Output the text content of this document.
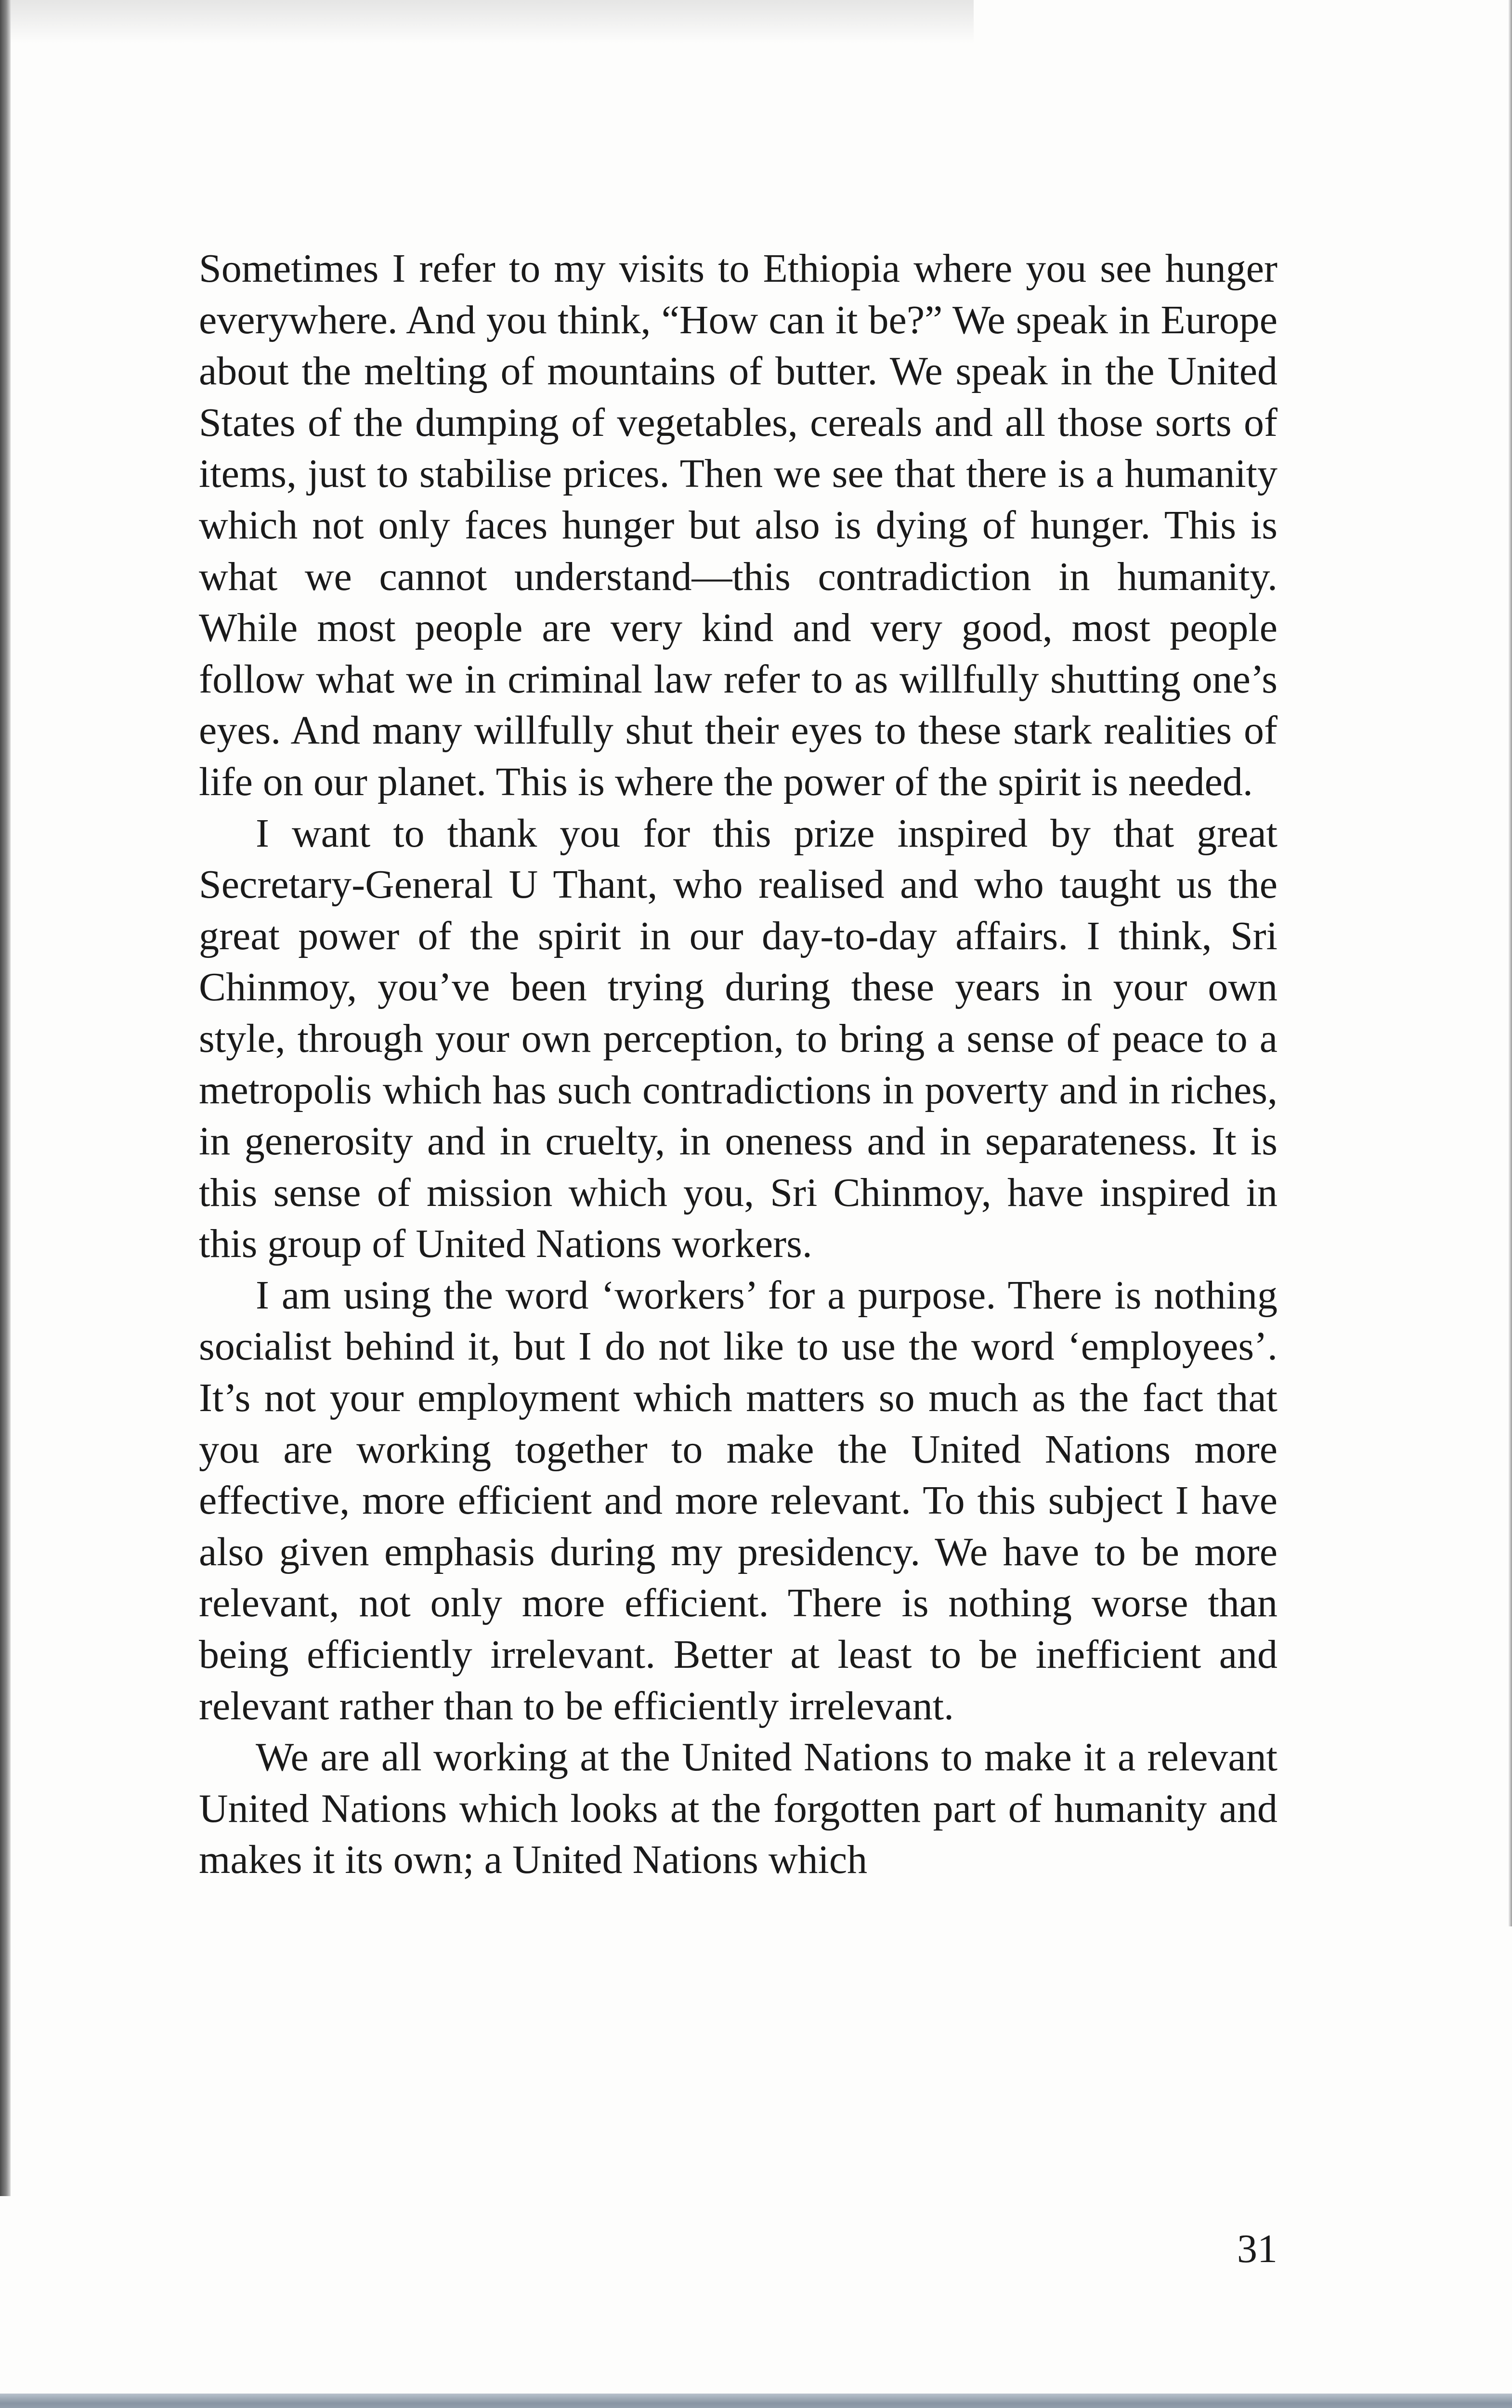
Sometimes I refer to my visits to Ethiopia where you see hunger everywhere. And you think, “How can it be?” We speak in Europe about the melting of mountains of butter. We speak in the United States of the dumping of vegetables, cereals and all those sorts of items, just to stabilise prices. Then we see that there is a humanity which not only faces hunger but also is dying of hunger. This is what we cannot understand—this contradiction in humanity. While most people are very kind and very good, most people follow what we in criminal law refer to as willfully shutting one’s eyes. And many willfully shut their eyes to these stark realities of life on our planet. This is where the power of the spirit is needed.

I want to thank you for this prize inspired by that great Secretary-General U Thant, who realised and who taught us the great power of the spirit in our day-to-day affairs. I think, Sri Chinmoy, you’ve been trying during these years in your own style, through your own perception, to bring a sense of peace to a metropolis which has such contradictions in poverty and in riches, in generosity and in cruelty, in oneness and in separateness. It is this sense of mission which you, Sri Chinmoy, have inspired in this group of United Nations workers.

I am using the word ‘workers’ for a purpose. There is nothing socialist behind it, but I do not like to use the word ‘employees’. It’s not your employment which matters so much as the fact that you are working together to make the United Nations more effective, more efficient and more relevant. To this subject I have also given emphasis during my presidency. We have to be more relevant, not only more efficient. There is nothing worse than being efficiently irrelevant. Better at least to be inefficient and relevant rather than to be efficiently irrelevant.

We are all working at the United Nations to make it a relevant United Nations which looks at the forgotten part of humanity and makes it its own; a United Nations which

31
